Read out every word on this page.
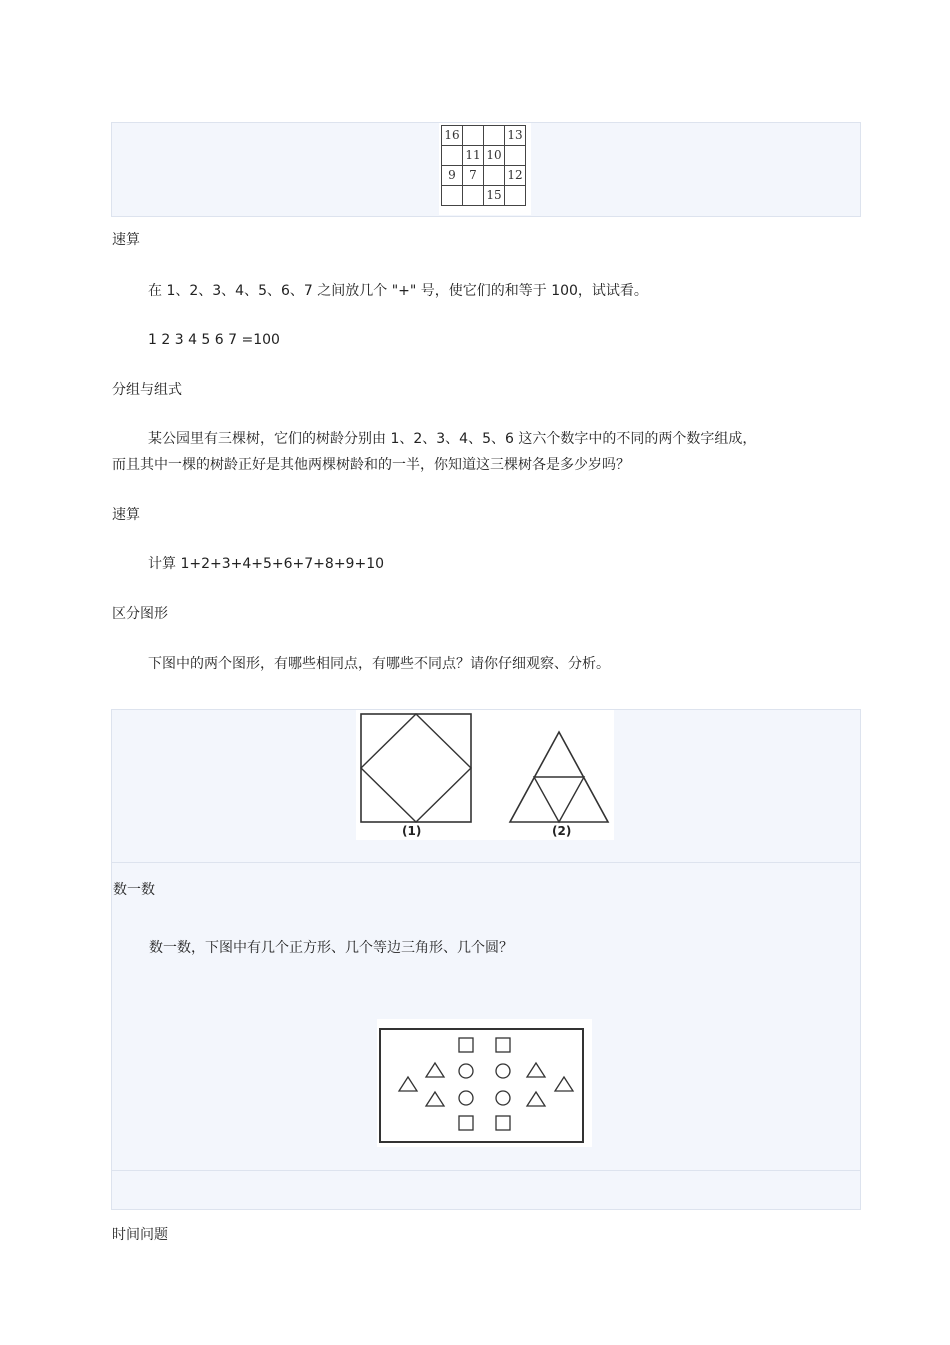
16			13
	11	10	
9	7		12
		15	
速算
在 1、2、3、4、5、6、7 之间放几个 "+" 号，使它们的和等于 100，试试看。
1 2 3 4 5 6 7 =100
分组与组式
某公园里有三棵树，它们的树龄分别由 1、2、3、4、5、6 这六个数字中的不同的两个数字组成，
而且其中一棵的树龄正好是其他两棵树龄和的一半，你知道这三棵树各是多少岁吗？
速算
计算 1+2+3+4+5+6+7+8+9+10
区分图形
下图中的两个图形，有哪些相同点，有哪些不同点？请你仔细观察、分析。
(1)	(2)
数一数
数一数，下图中有几个正方形、几个等边三角形、几个圆？
时间问题
